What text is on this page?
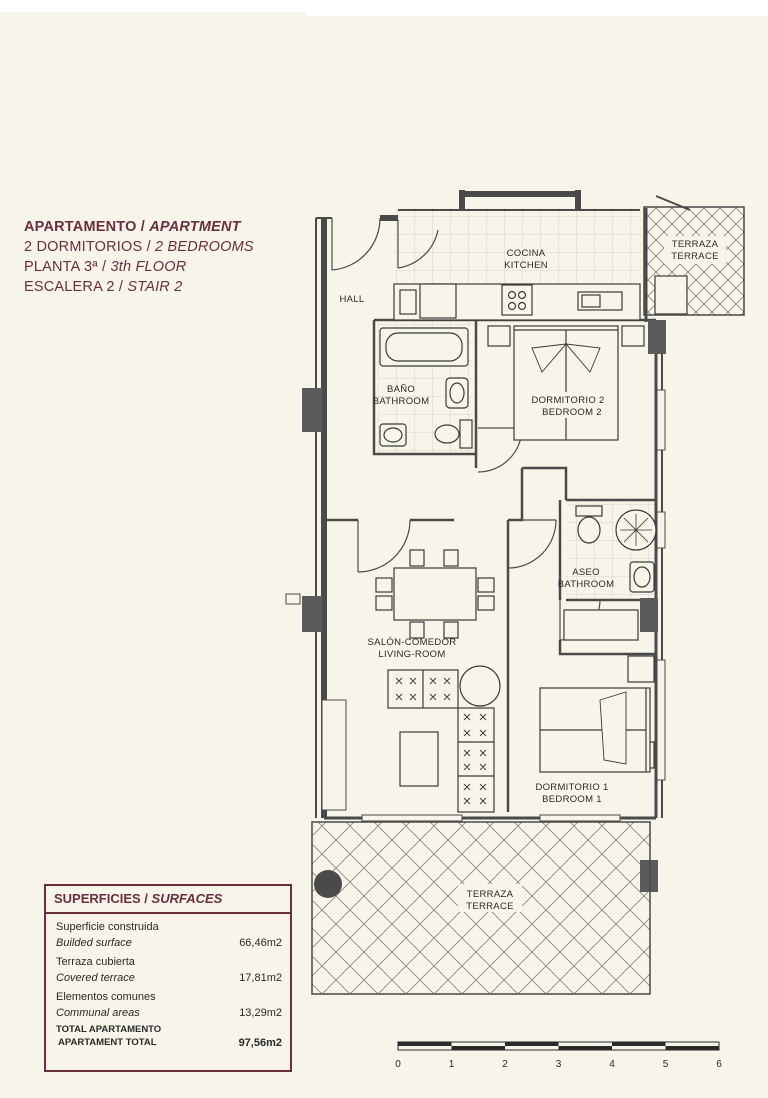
APARTAMENTO / APARTMENT
2 DORMITORIOS / 2 BEDROOMS
PLANTA 3ª / 3th FLOOR
ESCALERA 2 / STAIR 2
COCINA
KITCHEN
TERRAZA
TERRACE
HALL
BAÑO
BATHROOM	DORMITORIO 2
BEDROOM 2
ASEO
BATHROOM
SALÓN-COMEDOR
LIVING-ROOM
DORMITORIO 1
BEDROOM 1
TERRAZA
TERRACE
SUPERFICIES / SURFACES
Superficie construida
Builded surface	66,46m2
Terraza cubierta
Covered terrace	17,81m2
Elementos comunes
Communal areas	13,29m2
TOTAL APARTAMENTO
APARTAMENT TOTAL	97,56m2
0	1	2	3	4	5	6
